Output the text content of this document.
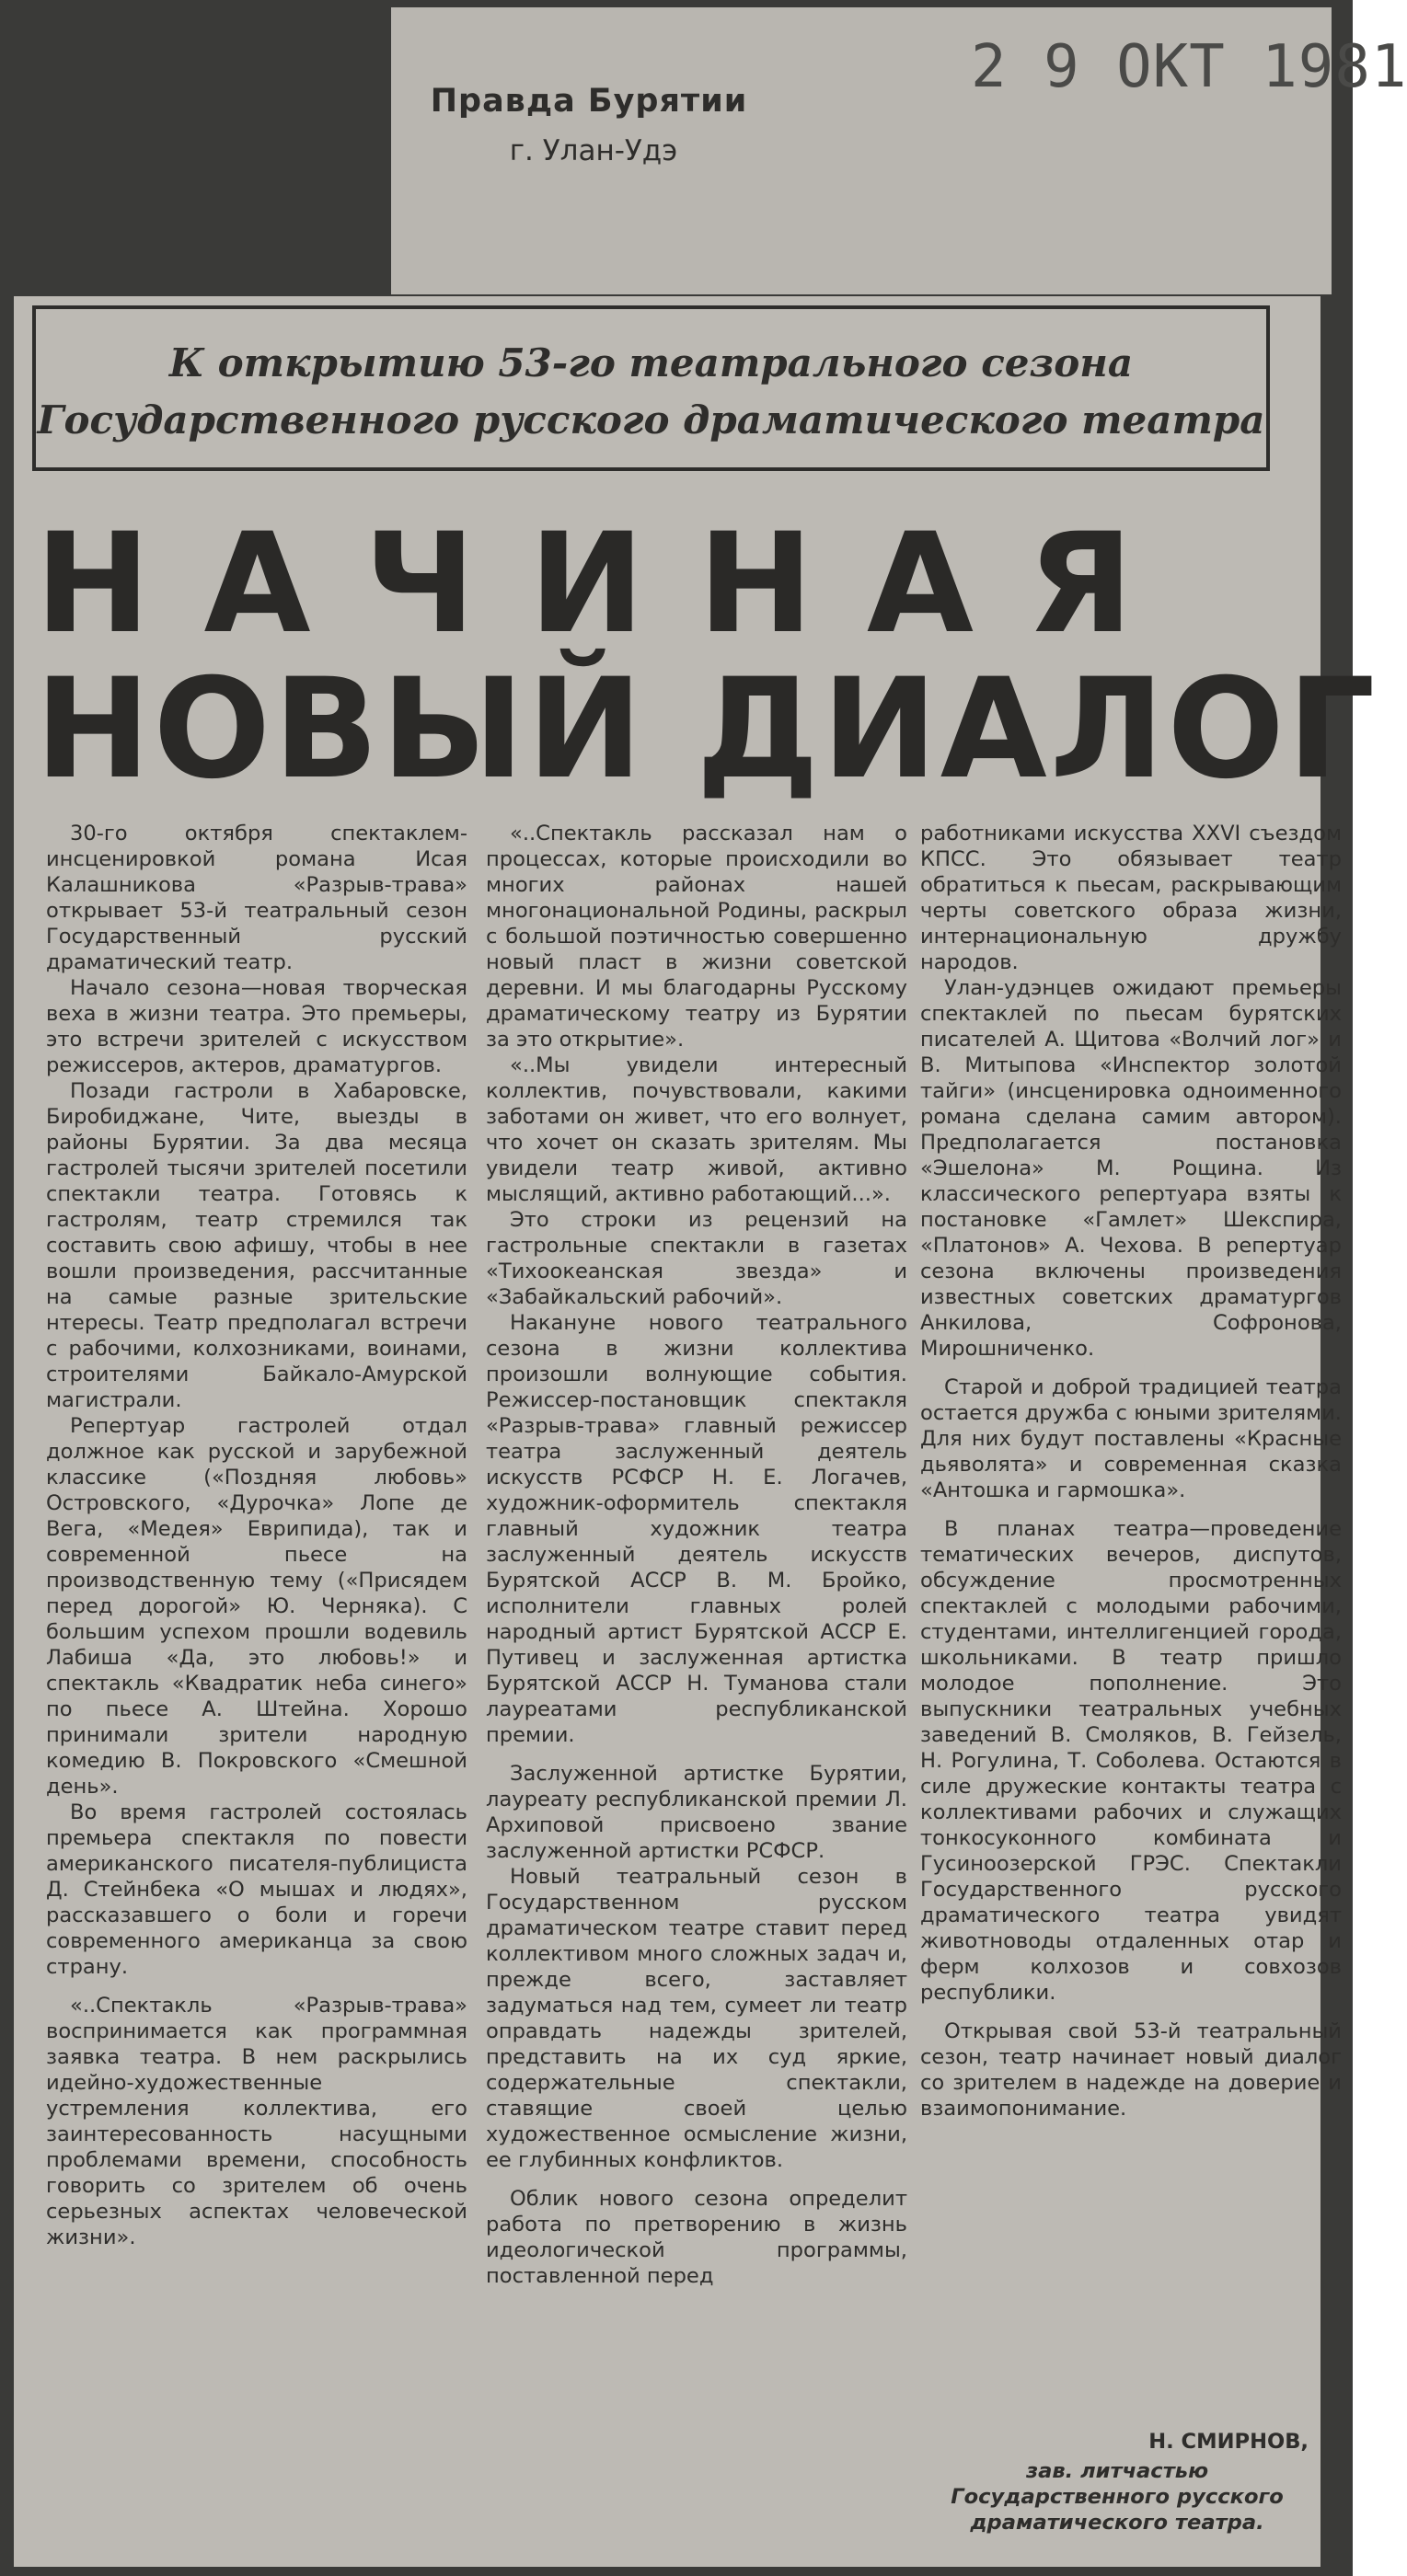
Правда Бурятии
г. Улан-Удэ
2 9 ОКТ 1981
К открытию 53-го театрального сезона
Государственного русского драматического театра
НАЧИНАЯ
НОВЫЙ ДИАЛОГ

30-го октября спектаклем-инсценировкой романа Исая Калашникова «Разрыв-трава» открывает 53-й театральный сезон Государственный русский драматический театр.

Начало сезона—новая творческая веха в жизни театра. Это премьеры, это встречи зрителей с искусством режиссеров, актеров, драматургов.

Позади гастроли в Хабаровске, Биробиджане, Чите, выезды в районы Бурятии. За два месяца гастролей тысячи зрителей посетили спектакли театра. Готовясь к гастролям, театр стремился так составить свою афишу, чтобы в нее вошли произведения, рассчитанные на самые разные зрительские нтересы. Театр предполагал встречи с рабочими, колхозниками, воинами, строителями Байкало-Амурской магистрали.

Репертуар гастролей отдал должное как русской и зарубежной классике («Поздняя любовь» Островского, «Дурочка» Лопе де Вега, «Медея» Еврипида), так и современной пьесе на производственную тему («Присядем перед дорогой» Ю. Черняка). С большим успехом прошли водевиль Лабиша «Да, это любовь!» и спектакль «Квадратик неба синего» по пьесе А. Штейна. Хорошо принимали зрители народную комедию В. Покровского «Смешной день».

Во время гастролей состоялась премьера спектакля по повести американского писателя-публициста Д. Стейнбека «О мышах и людях», рассказавшего о боли и горечи современного американца за свою страну.

«..Спектакль «Разрыв-трава» воспринимается как программная заявка театра. В нем раскрылись идейно-художественные устремления коллектива, его заинтересованность насущными проблемами времени, способность говорить со зрителем об очень серьезных аспектах человеческой жизни».

«..Спектакль рассказал нам о процессах, которые происходили во многих районах нашей многонациональной Родины, раскрыл с большой поэтичностью совершенно новый пласт в жизни советской деревни. И мы благодарны Русскому драматическому театру из Бурятии за это открытие».

«..Мы увидели интересный коллектив, почувствовали, какими заботами он живет, что его волнует, что хочет он сказать зрителям. Мы увидели театр живой, активно мыслящий, активно работающий...».

Это строки из рецензий на гастрольные спектакли в газетах «Тихоокеанская звезда» и «Забайкальский рабочий».

Накануне нового театрального сезона в жизни коллектива произошли волнующие события. Режиссер-постановщик спектакля «Разрыв-трава» главный режиссер театра заслуженный деятель искусств РСФСР Н. Е. Логачев, художник-оформитель спектакля главный художник театра заслуженный деятель искусств Бурятской АССР В. М. Бройко, исполнители главных ролей народный артист Бурятской АССР Е. Путивец и заслуженная артистка Бурятской АССР Н. Туманова стали лауреатами республиканской премии.

Заслуженной артистке Бурятии, лауреату республиканской премии Л. Архиповой присвоено звание заслуженной артистки РСФСР.

Новый театральный сезон в Государственном русском драматическом театре ставит перед коллективом много сложных задач и, прежде всего, заставляет задуматься над тем, сумеет ли театр оправдать надежды зрителей, представить на их суд яркие, содержательные спектакли, ставящие своей целью художественное осмысление жизни, ее глубинных конфликтов.

Облик нового сезона определит работа по претворению в жизнь идеологической программы, поставленной перед

работниками искусства XXVI съездом КПСС. Это обязывает театр обратиться к пьесам, раскрывающим черты советского образа жизни, интернациональную дружбу народов.

Улан-удэнцев ожидают премьеры спектаклей по пьесам бурятских писателей А. Щитова «Волчий лог» и В. Митыпова «Инспектор золотой тайги» (инсценировка одноименного романа сделана самим автором). Предполагается постановка «Эшелона» М. Рощина. Из классического репертуара взяты к постановке «Гамлет» Шекспира, «Платонов» А. Чехова. В репертуар сезона включены произведения известных советских драматургов Анкилова, Софронова, Мирошниченко.

Старой и доброй традицией театра остается дружба с юными зрителями. Для них будут поставлены «Красные дьяволята» и современная сказка «Антошка и гармошка».

В планах театра—проведение тематических вечеров, диспутов, обсуждение просмотренных спектаклей с молодыми рабочими, студентами, интеллигенцией города, школьниками. В театр пришло молодое пополнение. Это выпускники театральных учебных заведений В. Смоляков, В. Гейзель, Н. Рогулина, Т. Соболева. Остаются в силе дружеские контакты театра с коллективами рабочих и служащих тонкосуконного комбината и Гусиноозерской ГРЭС. Спектакли Государственного русского драматического театра увидят животноводы отдаленных отар и ферм колхозов и совхозов республики.

Открывая свой 53-й театральный сезон, театр начинает новый диалог со зрителем в надежде на доверие и взаимопонимание.

Н. СМИРНОВ,
зав. литчастью Государственного русского драматического театра.
